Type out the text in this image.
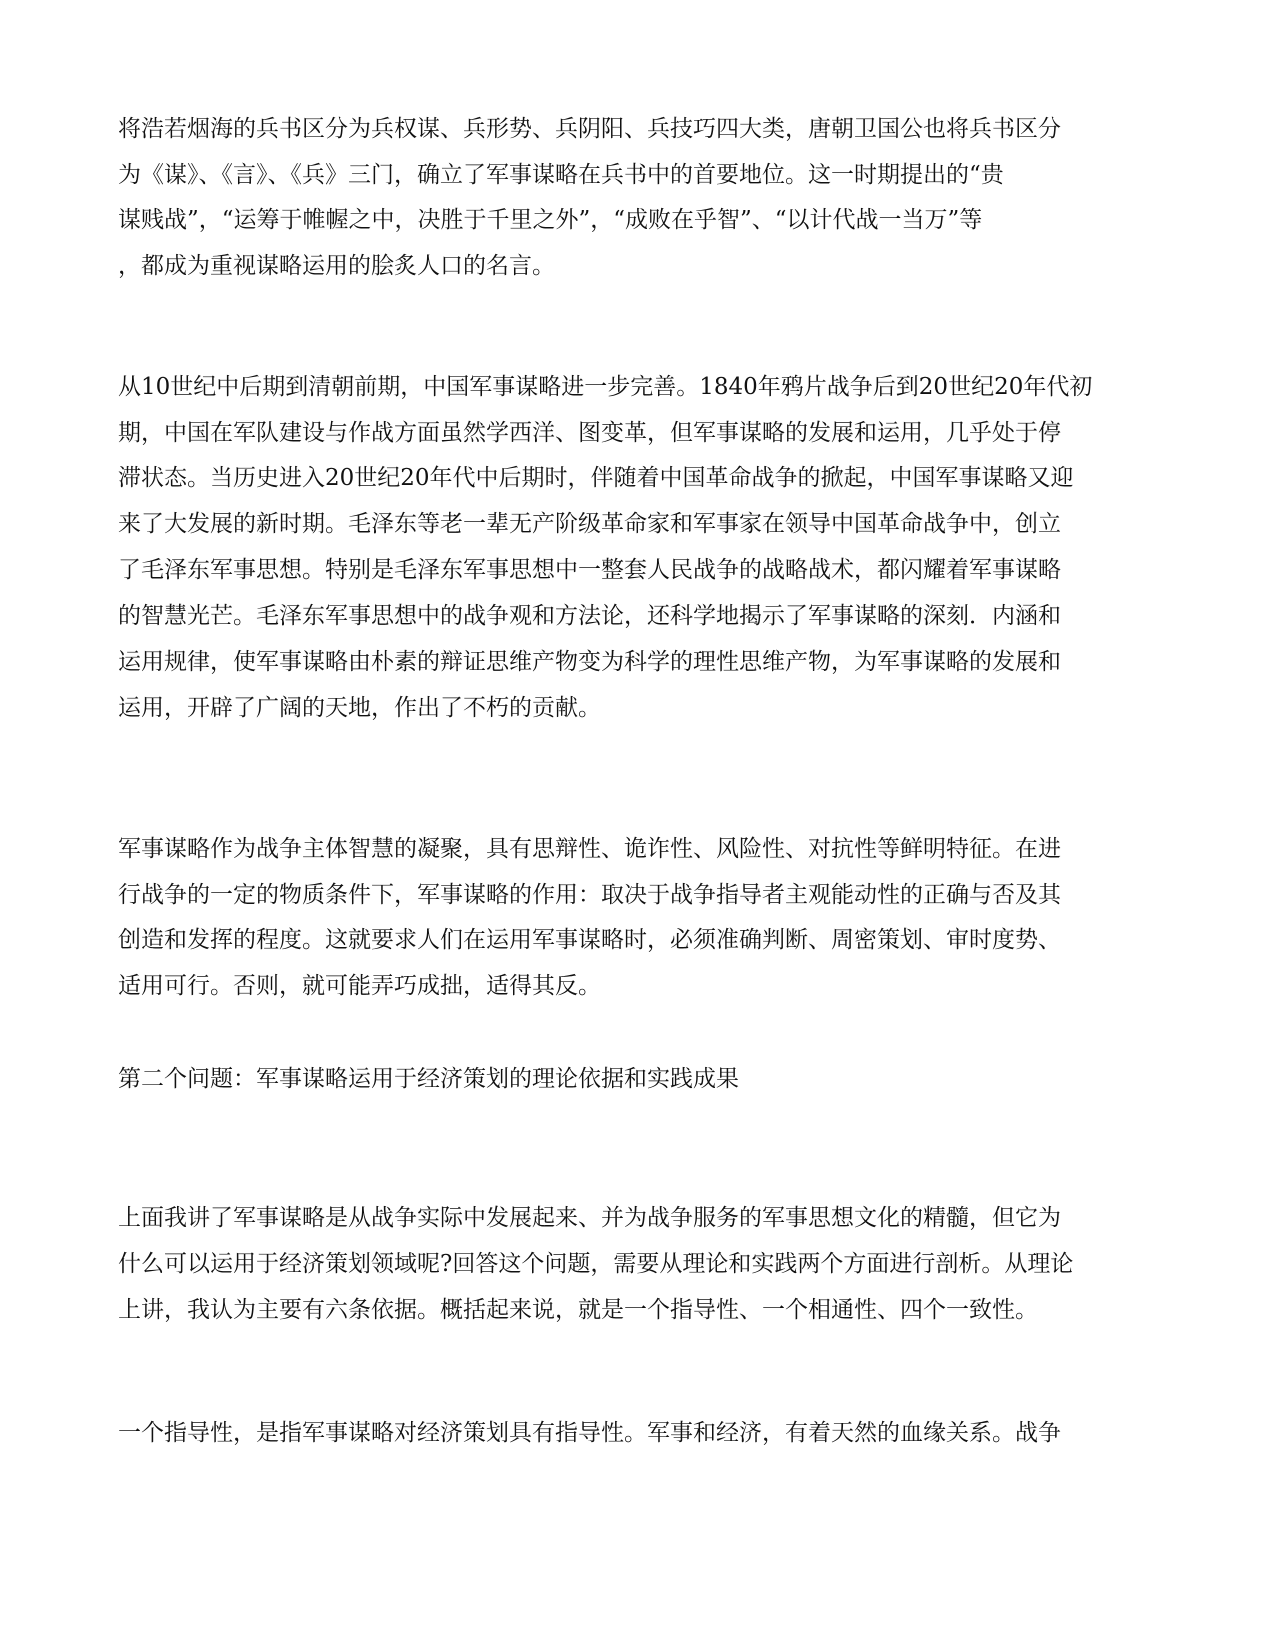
将浩若烟海的兵书区分为兵权谋、兵形势、兵阴阳、兵技巧四大类，唐朝卫国公也将兵书区分
为《谋》、《言》、《兵》三门，确立了军事谋略在兵书中的首要地位。这一时期提出的“贵
谋贱战”，“运筹于帷幄之中，决胜于千里之外”，“成败在乎智”、“以计代战一当万”等
，都成为重视谋略运用的脍炙人口的名言。
从10世纪中后期到清朝前期，中国军事谋略进一步完善。1840年鸦片战争后到20世纪20年代初
期，中国在军队建设与作战方面虽然学西洋、图变革，但军事谋略的发展和运用，几乎处于停
滞状态。当历史进入20世纪20年代中后期时，伴随着中国革命战争的掀起，中国军事谋略又迎
来了大发展的新时期。毛泽东等老一辈无产阶级革命家和军事家在领导中国革命战争中，创立
了毛泽东军事思想。特别是毛泽东军事思想中一整套人民战争的战略战术，都闪耀着军事谋略
的智慧光芒。毛泽东军事思想中的战争观和方法论，还科学地揭示了军事谋略的深刻．内涵和
运用规律，使军事谋略由朴素的辩证思维产物变为科学的理性思维产物，为军事谋略的发展和
运用，开辟了广阔的天地，作出了不朽的贡献。
军事谋略作为战争主体智慧的凝聚，具有思辩性、诡诈性、风险性、对抗性等鲜明特征。在进
行战争的一定的物质条件下，军事谋略的作用：取决于战争指导者主观能动性的正确与否及其
创造和发挥的程度。这就要求人们在运用军事谋略时，必须准确判断、周密策划、审时度势、
适用可行。否则，就可能弄巧成拙，适得其反。
第二个问题：军事谋略运用于经济策划的理论依据和实践成果
上面我讲了军事谋略是从战争实际中发展起来、并为战争服务的军事思想文化的精髓，但它为
什么可以运用于经济策划领域呢?回答这个问题，需要从理论和实践两个方面进行剖析。从理论
上讲，我认为主要有六条依据。概括起来说，就是一个指导性、一个相通性、四个一致性。
一个指导性，是指军事谋略对经济策划具有指导性。军事和经济，有着天然的血缘关系。战争
